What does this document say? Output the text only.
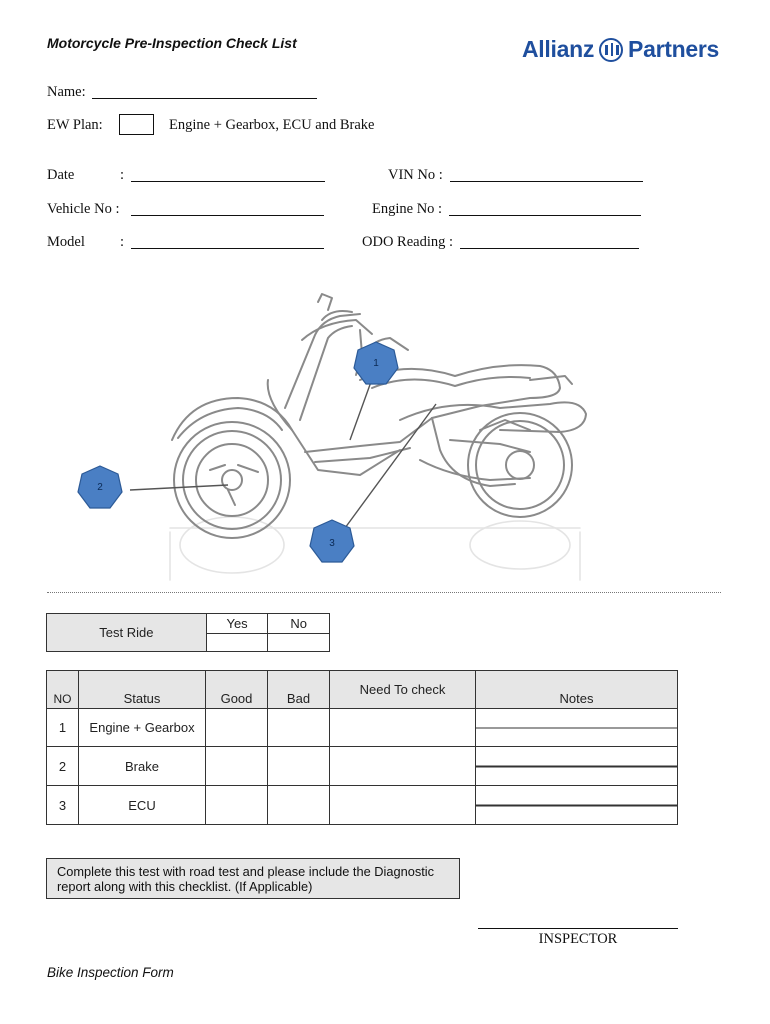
Motorcycle Pre-Inspection Check List	Allianz Partners
Name:
EW Plan:	Engine + Gearbox, ECU and Brake
Date	:
Vehicle No :
Model :
VIN No :
Engine No :
ODO Reading :
1
2
3
Test Ride	Yes	No

NO	Status	Good	Bad	Need To check	Notes
1	Engine + Gearbox				
2	Brake				
3	ECU				
Complete this test with road test and please include the Diagnostic report along with this checklist. (If Applicable)
INSPECTOR
Bike Inspection Form
